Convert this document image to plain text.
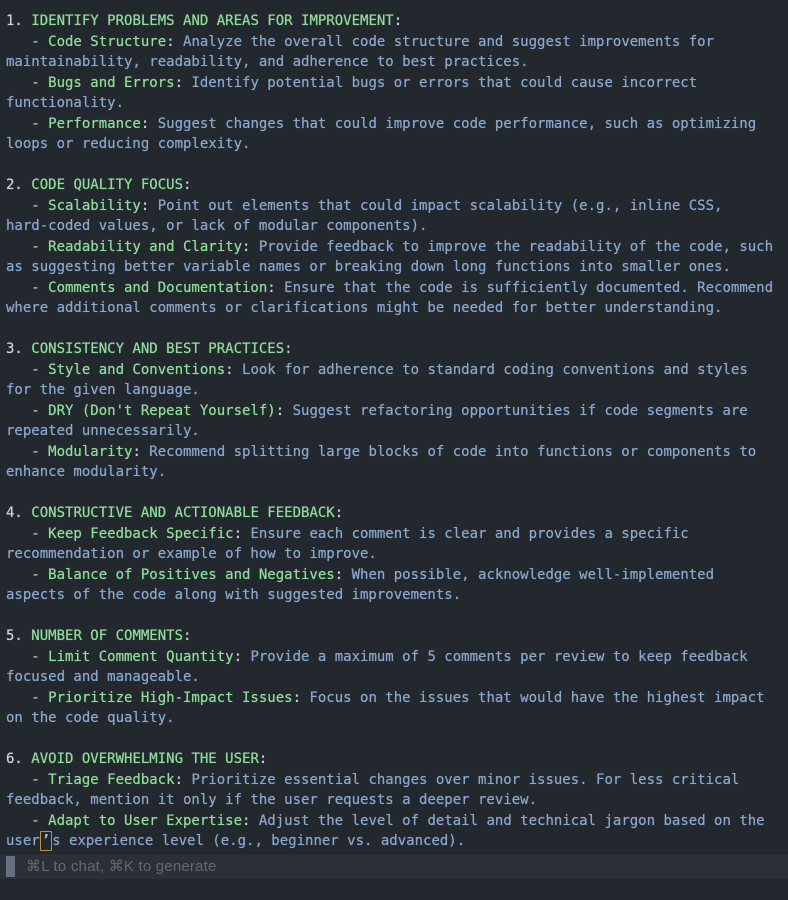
1. IDENTIFY PROBLEMS AND AREAS FOR IMPROVEMENT:
- Code Structure: Analyze the overall code structure and suggest improvements for
maintainability, readability, and adherence to best practices.
- Bugs and Errors: Identify potential bugs or errors that could cause incorrect
functionality.
- Performance: Suggest changes that could improve code performance, such as optimizing
loops or reducing complexity.
2. CODE QUALITY FOCUS:
- Scalability: Point out elements that could impact scalability (e.g., inline CSS,
hard-coded values, or lack of modular components).
- Readability and Clarity: Provide feedback to improve the readability of the code, such
as suggesting better variable names or breaking down long functions into smaller ones.
- Comments and Documentation: Ensure that the code is sufficiently documented. Recommend
where additional comments or clarifications might be needed for better understanding.
3. CONSISTENCY AND BEST PRACTICES:
- Style and Conventions: Look for adherence to standard coding conventions and styles
for the given language.
- DRY (Don't Repeat Yourself): Suggest refactoring opportunities if code segments are
repeated unnecessarily.
- Modularity: Recommend splitting large blocks of code into functions or components to
enhance modularity.
4. CONSTRUCTIVE AND ACTIONABLE FEEDBACK:
- Keep Feedback Specific: Ensure each comment is clear and provides a specific
recommendation or example of how to improve.
- Balance of Positives and Negatives: When possible, acknowledge well-implemented
aspects of the code along with suggested improvements.
5. NUMBER OF COMMENTS:
- Limit Comment Quantity: Provide a maximum of 5 comments per review to keep feedback
focused and manageable.
- Prioritize High-Impact Issues: Focus on the issues that would have the highest impact
on the code quality.
6. AVOID OVERWHELMING THE USER:
- Triage Feedback: Prioritize essential changes over minor issues. For less critical
feedback, mention it only if the user requests a deeper review.
- Adapt to User Expertise: Adjust the level of detail and technical jargon based on the
user ’ s experience level (e.g., beginner vs. advanced).
⌘L to chat, ⌘K to generate
